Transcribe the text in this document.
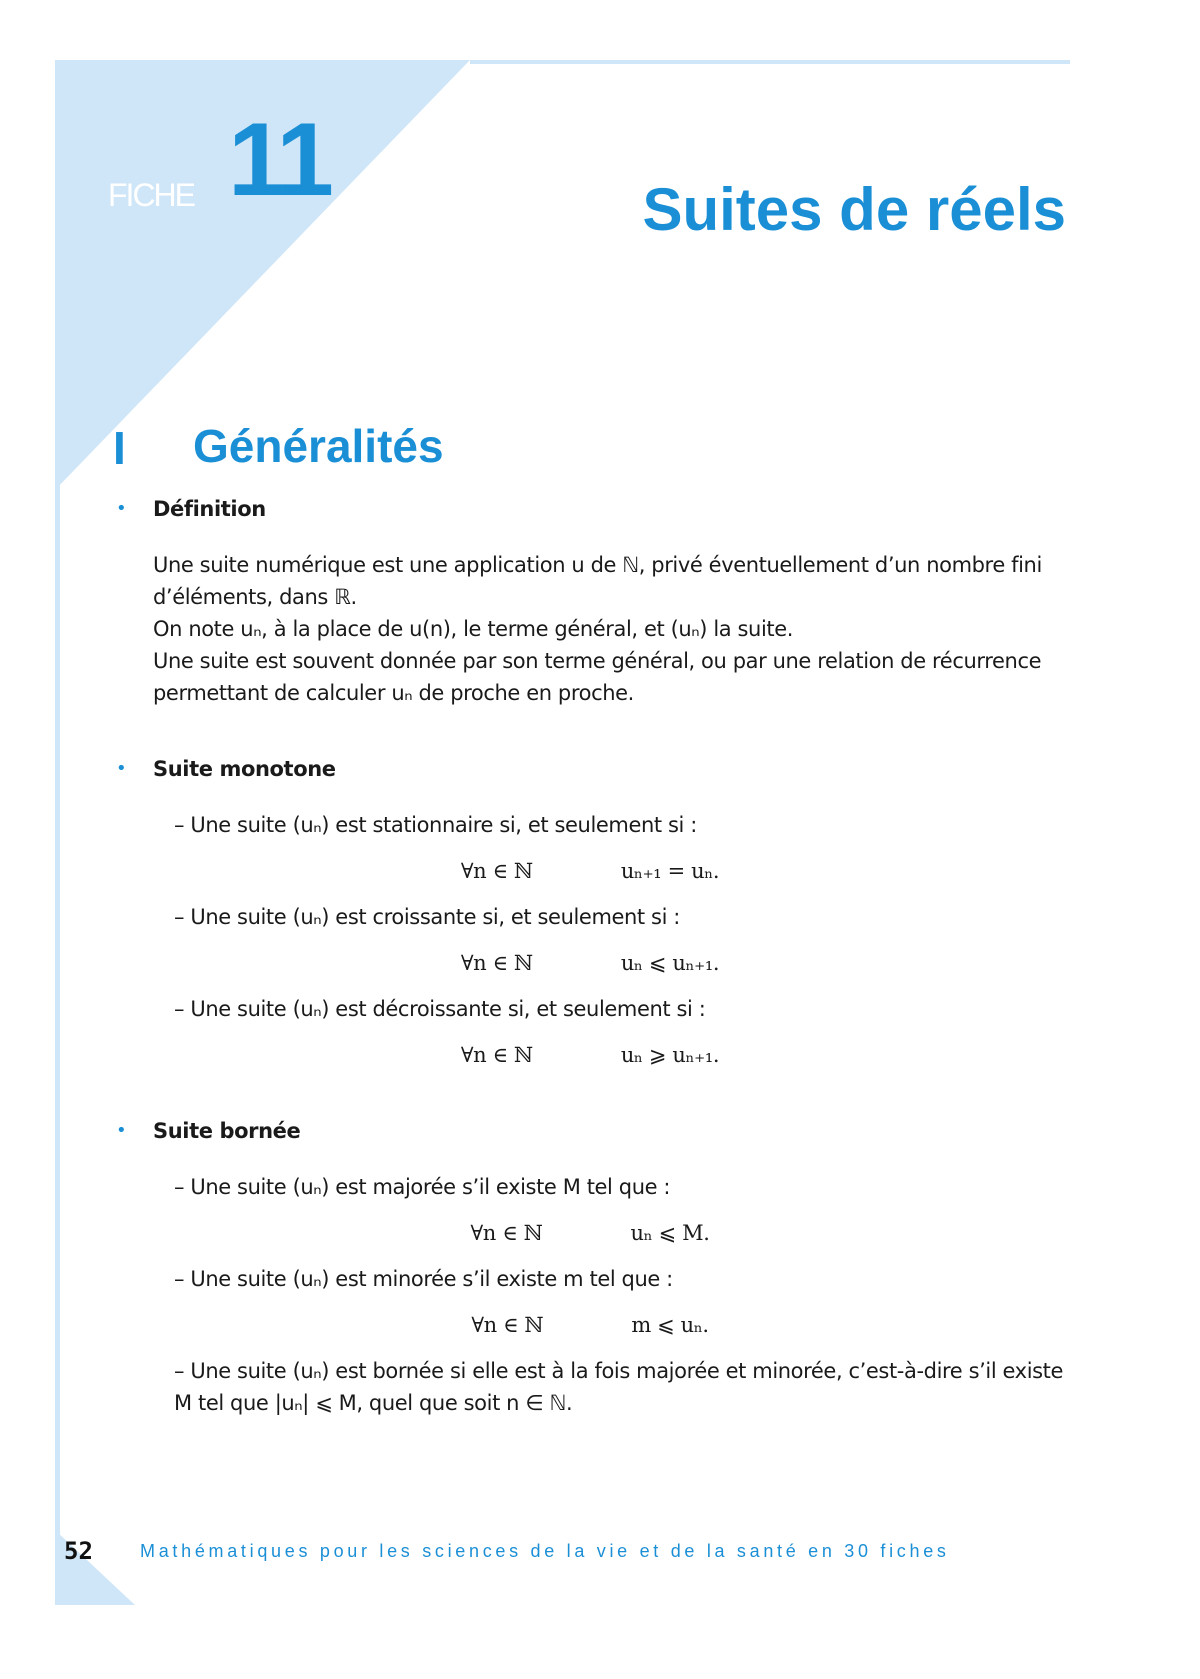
FICHE 11	Suites de réels
I Généralités

• Définition

Une suite numérique est une application u de ℕ, privé éventuellement d’un nombre fini d’éléments, dans ℝ.

On note uₙ, à la place de u(n), le terme général, et (uₙ) la suite.

Une suite est souvent donnée par son terme général, ou par une relation de récurrence permettant de calculer uₙ de proche en proche.

• Suite monotone

– Une suite (uₙ) est stationnaire si, et seulement si :

∀n ∈ ℕ	uₙ₊₁ = uₙ.

– Une suite (uₙ) est croissante si, et seulement si :

∀n ∈ ℕ	uₙ ⩽ uₙ₊₁.

– Une suite (uₙ) est décroissante si, et seulement si :

∀n ∈ ℕ	uₙ ⩾ uₙ₊₁.

• Suite bornée

– Une suite (uₙ) est majorée s’il existe M tel que :

∀n ∈ ℕ	uₙ ⩽ M.

– Une suite (uₙ) est minorée s’il existe m tel que :

∀n ∈ ℕ	m ⩽ uₙ.

– Une suite (uₙ) est bornée si elle est à la fois majorée et minorée, c’est-à-dire s’il existe M tel que |uₙ| ⩽ M, quel que soit n ∈ ℕ.

52	Mathématiques pour les sciences de la vie et de la santé en 30 fiches
